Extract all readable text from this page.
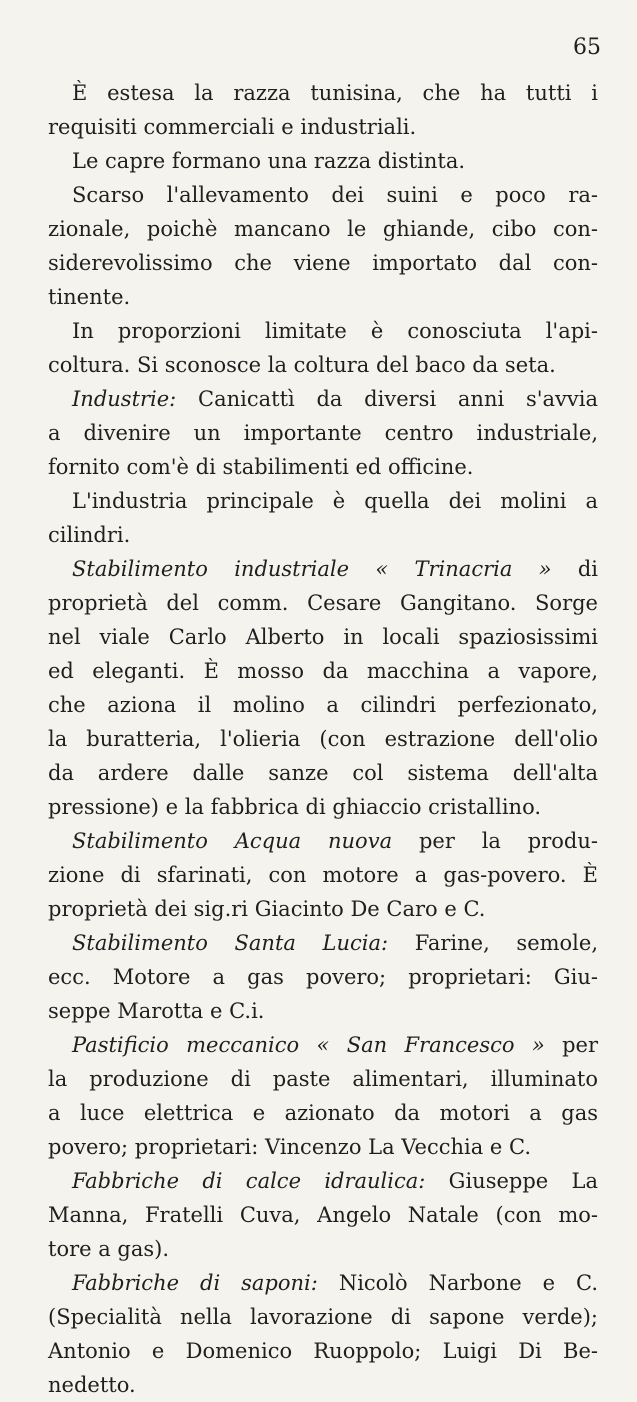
65
È estesa la razza tunisina, che ha tutti i
requisiti commerciali e industriali.
Le capre formano una razza distinta.
Scarso l'allevamento dei suini e poco ra-
zionale, poichè mancano le ghiande, cibo con-
siderevolissimo che viene importato dal con-
tinente.
In proporzioni limitate è conosciuta l'api-
coltura. Si sconosce la coltura del baco da seta.
Industrie: Canicattì da diversi anni s'avvia
a divenire un importante centro industriale,
fornito com'è di stabilimenti ed officine.
L'industria principale è quella dei molini a
cilindri.
Stabilimento industriale « Trinacria » di
proprietà del comm. Cesare Gangitano. Sorge
nel viale Carlo Alberto in locali spaziosissimi
ed eleganti. È mosso da macchina a vapore,
che aziona il molino a cilindri perfezionato,
la buratteria, l'olieria (con estrazione dell'olio
da ardere dalle sanze col sistema dell'alta
pressione) e la fabbrica di ghiaccio cristallino.
Stabilimento Acqua nuova per la produ-
zione di sfarinati, con motore a gas-povero. È
proprietà dei sig.ri Giacinto De Caro e C.
Stabilimento Santa Lucia: Farine, semole,
ecc. Motore a gas povero; proprietari: Giu-
seppe Marotta e C.i.
Pastificio meccanico « San Francesco » per
la produzione di paste alimentari, illuminato
a luce elettrica e azionato da motori a gas
povero; proprietari: Vincenzo La Vecchia e C.
Fabbriche di calce idraulica: Giuseppe La
Manna, Fratelli Cuva, Angelo Natale (con mo-
tore a gas).
Fabbriche di saponi: Nicolò Narbone e C.
(Specialità nella lavorazione di sapone verde);
Antonio e Domenico Ruoppolo; Luigi Di Be-
nedetto.
